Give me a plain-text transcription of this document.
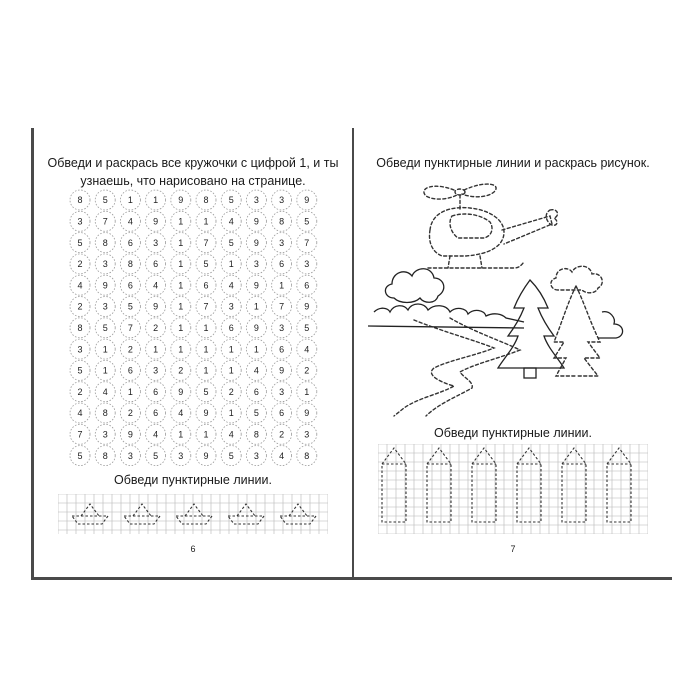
Обведи и раскрась все кружочки с цифрой 1, и ты
узнаешь, что нарисовано на странице.
8 5 1 1 9 8 5 3 3 9
3 7 4 9 1 1 4 9 8 5
5 8 6 3 1 7 5 9 3 7
2 3 8 6 1 5 1 3 6 3
4 9 6 4 1 6 4 9 1 6
2 3 5 9 1 7 3 1 7 9
8 5 7 2 1 1 6 9 3 5
3 1 2 1 1 1 1 1 6 4
5 1 6 3 2 1 1 4 9 2
2 4 1 6 9 5 2 6 3 1
4 8 2 6 4 9 1 5 6 9
7 3 9 4 1 1 4 8 2 3
5 8 3 5 3 9 5 3 4 8
Обведи пунктирные линии.
6
Обведи пунктирные линии и раскрась рисунок.
Обведи пунктирные линии.
7
